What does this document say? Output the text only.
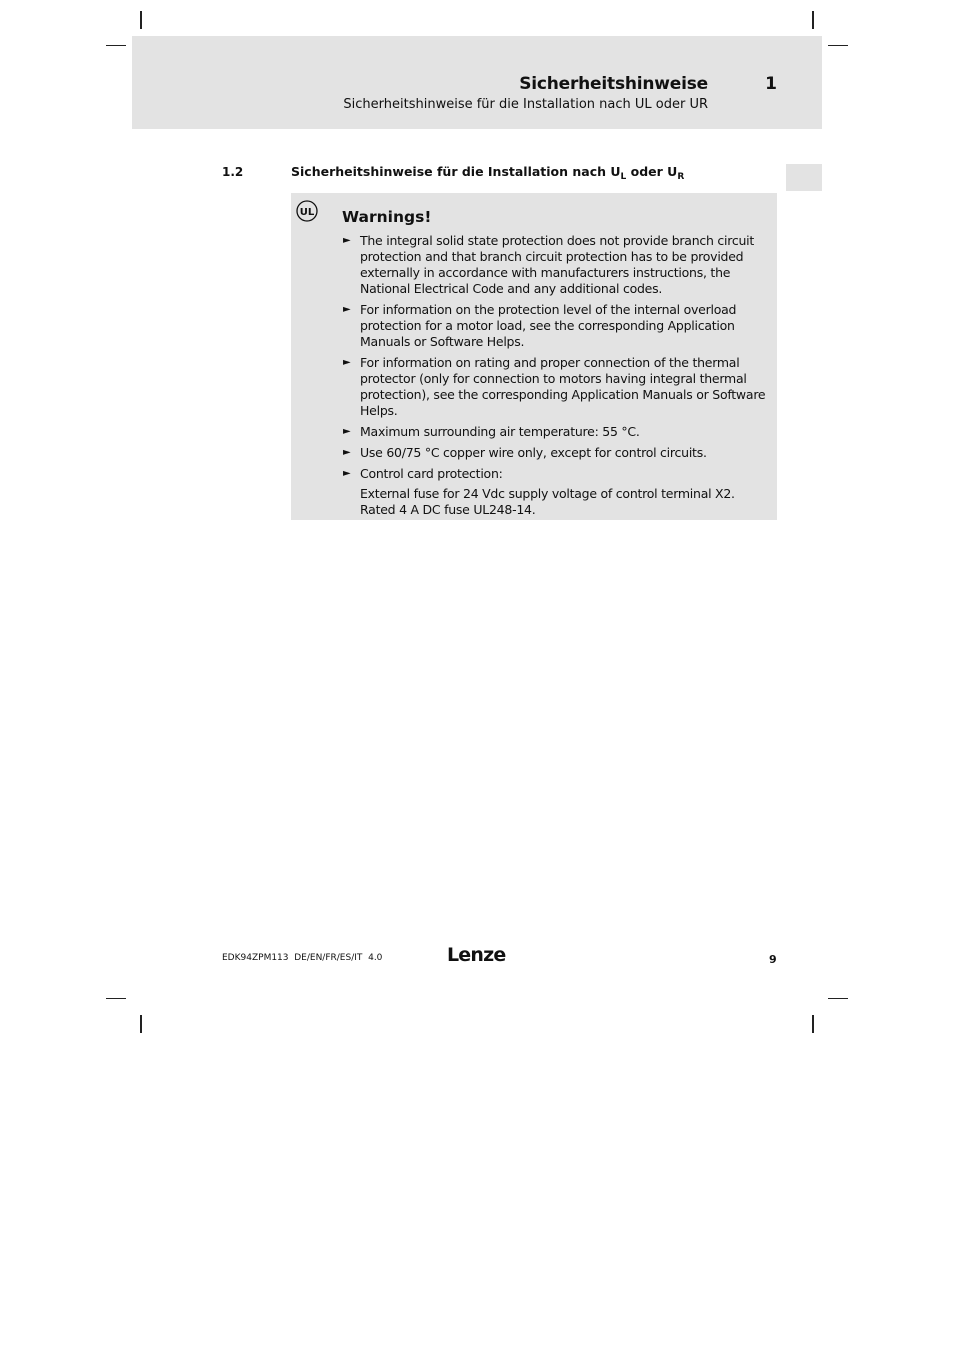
Sicherheitshinweise	1
Sicherheitshinweise für die Installation nach UL oder UR
1.2	Sicherheitshinweise für die Installation nach $U_L$ oder $U_R$
UL Warnings!
► The integral solid state protection does not provide branch circuit protection and that branch circuit protection has to be provided externally in accordance with manufacturers instructions, the National Electrical Code and any additional codes.
► For information on the protection level of the internal overload protection for a motor load, see the corresponding Application Manuals or Software Helps.
► For information on rating and proper connection of the thermal protector (only for connection to motors having integral thermal protection), see the corresponding Application Manuals or Software Helps.
► Maximum surrounding air temperature: 55 °C.
► Use 60/75 °C copper wire only, except for control circuits.
► Control card protection:
External fuse for 24 Vdc supply voltage of control terminal X2. Rated 4 A DC fuse UL248-14.
EDK94ZPM113  DE/EN/FR/ES/IT  4.0	Lenze	9
